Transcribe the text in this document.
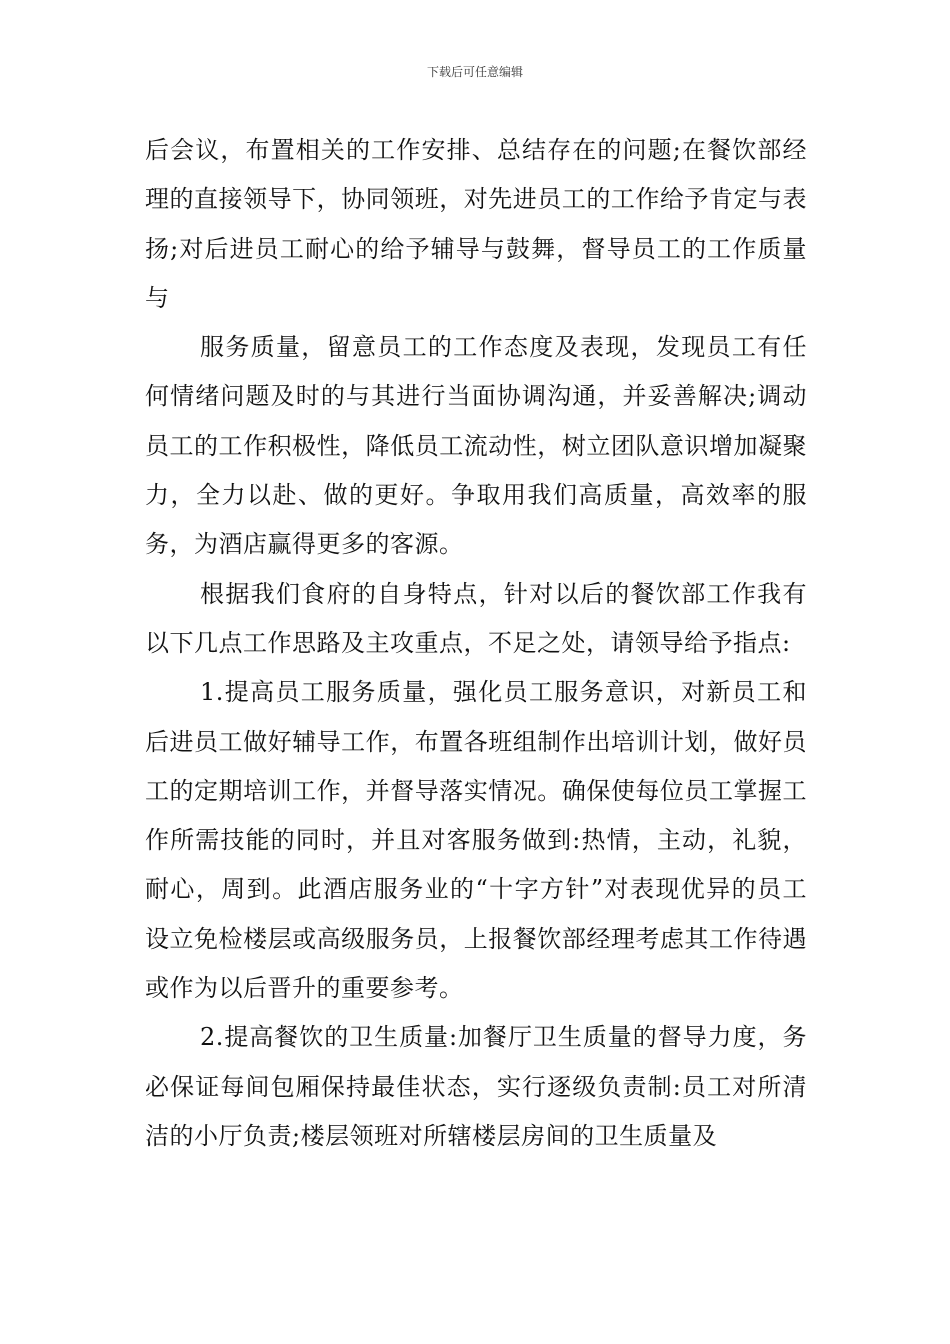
下载后可任意编辑

后会议，布置相关的工作安排、总结存在的问题;在餐饮部经理的直接领导下，协同领班，对先进员工的工作给予肯定与表扬;对后进员工耐心的给予辅导与鼓舞，督导员工的工作质量与

服务质量，留意员工的工作态度及表现，发现员工有任何情绪问题及时的与其进行当面协调沟通，并妥善解决;调动员工的工作积极性，降低员工流动性，树立团队意识增加凝聚力，全力以赴、做的更好。争取用我们高质量，高效率的服务，为酒店赢得更多的客源。

根据我们食府的自身特点，针对以后的餐饮部工作我有以下几点工作思路及主攻重点，不足之处，请领导给予指点:

1.提高员工服务质量，强化员工服务意识，对新员工和后进员工做好辅导工作，布置各班组制作出培训计划，做好员工的定期培训工作，并督导落实情况。确保使每位员工掌握工作所需技能的同时，并且对客服务做到:热情，主动，礼貌，耐心，周到。此酒店服务业的“十字方针”对表现优异的员工设立免检楼层或高级服务员，上报餐饮部经理考虑其工作待遇或作为以后晋升的重要参考。

2.提高餐饮的卫生质量:加餐厅卫生质量的督导力度，务必保证每间包厢保持最佳状态，实行逐级负责制:员工对所清洁的小厅负责;楼层领班对所辖楼层房间的卫生质量及
